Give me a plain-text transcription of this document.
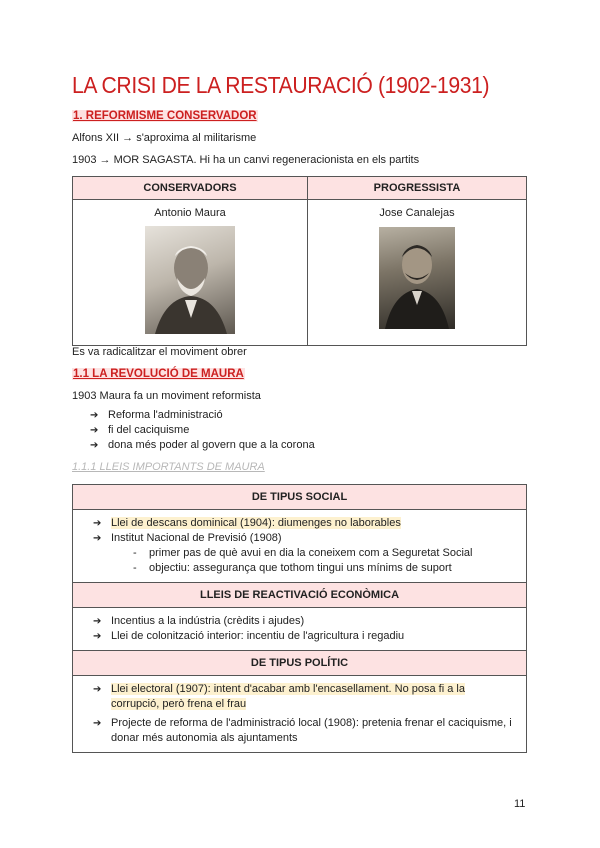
LA CRISI DE LA RESTAURACIÓ (1902-1931)

1. REFORMISME CONSERVADOR

Alfons XII → s'aproxima al militarisme

1903 → MOR SAGASTA. Hi ha un canvi regeneracionista en els partits

CONSERVADORS	PROGRESSISTA

Antonio Maura	Jose Canalejas

Es va radicalitzar el moviment obrer

1.1 LA REVOLUCIÓ DE MAURA

1903 Maura fa un moviment reformista

➔ Reforma l'administració
➔ fi del caciquisme
➔ dona més poder al govern que a la corona

1.1.1 LLEIS IMPORTANTS DE MAURA

DE TIPUS SOCIAL

➔ Llei de descans dominical (1904): diumenges no laborables
➔ Institut Nacional de Previsió (1908)
- primer pas de què avui en dia la coneixem com a Seguretat Social
- objectiu: assegurança que tothom tingui uns mínims de suport

LLEIS DE REACTIVACIÓ ECONÒMICA

➔ Incentius a la indústria (crèdits i ajudes)
➔ Llei de colonització interior: incentiu de l'agricultura i regadiu

DE TIPUS POLÍTIC

➔ Llei electoral (1907): intent d'acabar amb l'encasellament. No posa fi a la corrupció, però frena el frau
➔ Projecte de reforma de l'administració local (1908): pretenia frenar el caciquisme, i donar més autonomia als ajuntaments
11
